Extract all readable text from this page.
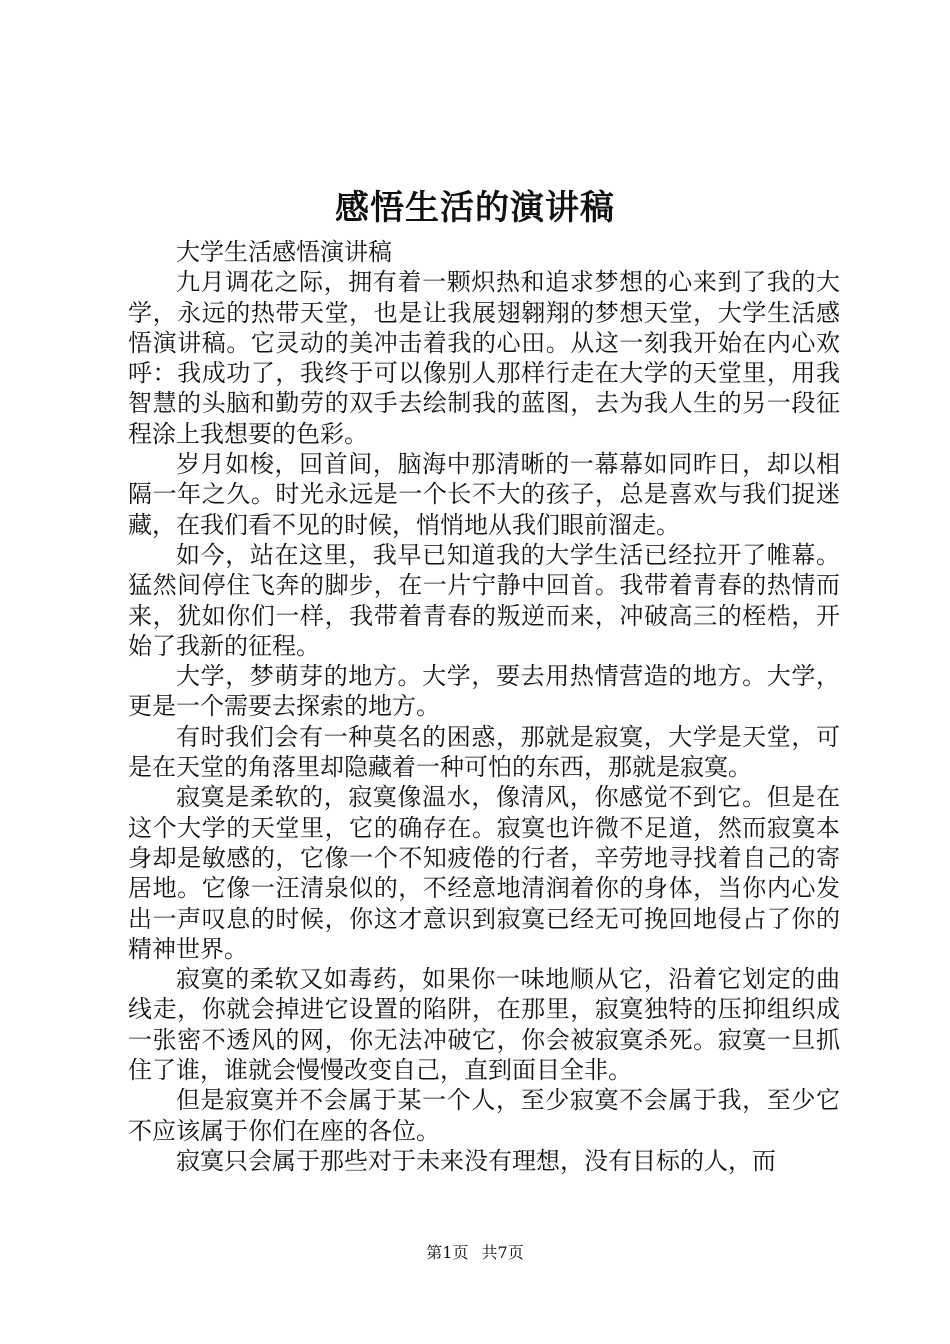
感悟生活的演讲稿

大学生活感悟演讲稿

九月调花之际，拥有着一颗炽热和追求梦想的心来到了我的大学，永远的热带天堂，也是让我展翅翱翔的梦想天堂，大学生活感悟演讲稿。它灵动的美冲击着我的心田。从这一刻我开始在内心欢呼：我成功了，我终于可以像别人那样行走在大学的天堂里，用我智慧的头脑和勤劳的双手去绘制我的蓝图，去为我人生的另一段征程涂上我想要的色彩。

岁月如梭，回首间，脑海中那清晰的一幕幕如同昨日，却以相隔一年之久。时光永远是一个长不大的孩子，总是喜欢与我们捉迷藏，在我们看不见的时候，悄悄地从我们眼前溜走。

如今，站在这里，我早已知道我的大学生活已经拉开了帷幕。猛然间停住飞奔的脚步，在一片宁静中回首。我带着青春的热情而来，犹如你们一样，我带着青春的叛逆而来，冲破高三的桎梏，开始了我新的征程。

大学，梦萌芽的地方。大学，要去用热情营造的地方。大学，更是一个需要去探索的地方。

有时我们会有一种莫名的困惑，那就是寂寞，大学是天堂，可是在天堂的角落里却隐藏着一种可怕的东西，那就是寂寞。

寂寞是柔软的，寂寞像温水，像清风，你感觉不到它。但是在这个大学的天堂里，它的确存在。寂寞也许微不足道，然而寂寞本身却是敏感的，它像一个不知疲倦的行者，辛劳地寻找着自己的寄居地。它像一汪清泉似的，不经意地清润着你的身体，当你内心发出一声叹息的时候，你这才意识到寂寞已经无可挽回地侵占了你的精神世界。

寂寞的柔软又如毒药，如果你一味地顺从它，沿着它划定的曲线走，你就会掉进它设置的陷阱，在那里，寂寞独特的压抑组织成一张密不透风的网，你无法冲破它，你会被寂寞杀死。寂寞一旦抓住了谁，谁就会慢慢改变自己，直到面目全非。

但是寂寞并不会属于某一个人，至少寂寞不会属于我，至少它不应该属于你们在座的各位。

寂寞只会属于那些对于未来没有理想，没有目标的人，而

第1页 共7页
